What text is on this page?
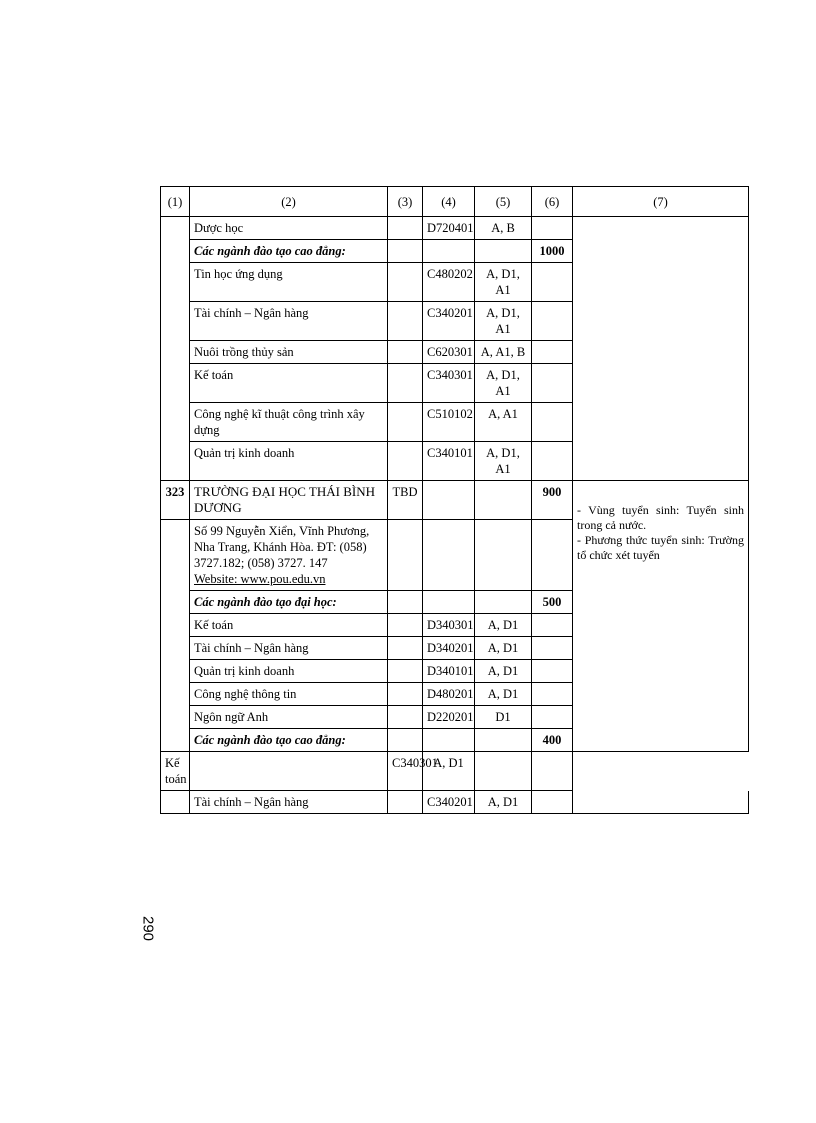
290
(1)	(2)	(3)	(4)	(5)	(6)	(7)
	Dược học		D720401	A, B		
	Các ngành đào tạo cao đẳng:				1000	
	Tin học ứng dụng		C480202	A, D1, A1		
	Tài chính – Ngân hàng		C340201	A, D1, A1		
	Nuôi trồng thủy sản		C620301	A, A1, B		
	Kế toán		C340301	A, D1, A1		
	Công nghệ kĩ thuật công trình xây dựng		C510102	A, A1		
	Quản trị kinh doanh		C340101	A, D1, A1		
323	TRƯỜNG ĐẠI HỌC THÁI BÌNH DƯƠNG	TBD			900	- Vùng tuyển sinh: Tuyển sinh trong cả nước.
- Phương thức tuyển sinh: Trường tổ chức xét tuyển

	Số 99 Nguyễn Xiển, Vĩnh Phương, Nha Trang, Khánh Hòa. ĐT: (058) 3727.182; (058) 3727. 147
Website: www.pou.edu.vn					

	Các ngành đào tạo đại học:				500	
	Kế toán		D340301	A, D1		
	Tài chính – Ngân hàng		D340201	A, D1		
	Quản trị kinh doanh		D340101	A, D1		
	Công nghệ thông tin		D480201	A, D1		
	Ngôn ngữ Anh		D220201	D1		
	Các ngành đào tạo cao đẳng:				400	
Kế toán		C340301	A, D1			
	Tài chính – Ngân hàng		C340201	A, D1		
